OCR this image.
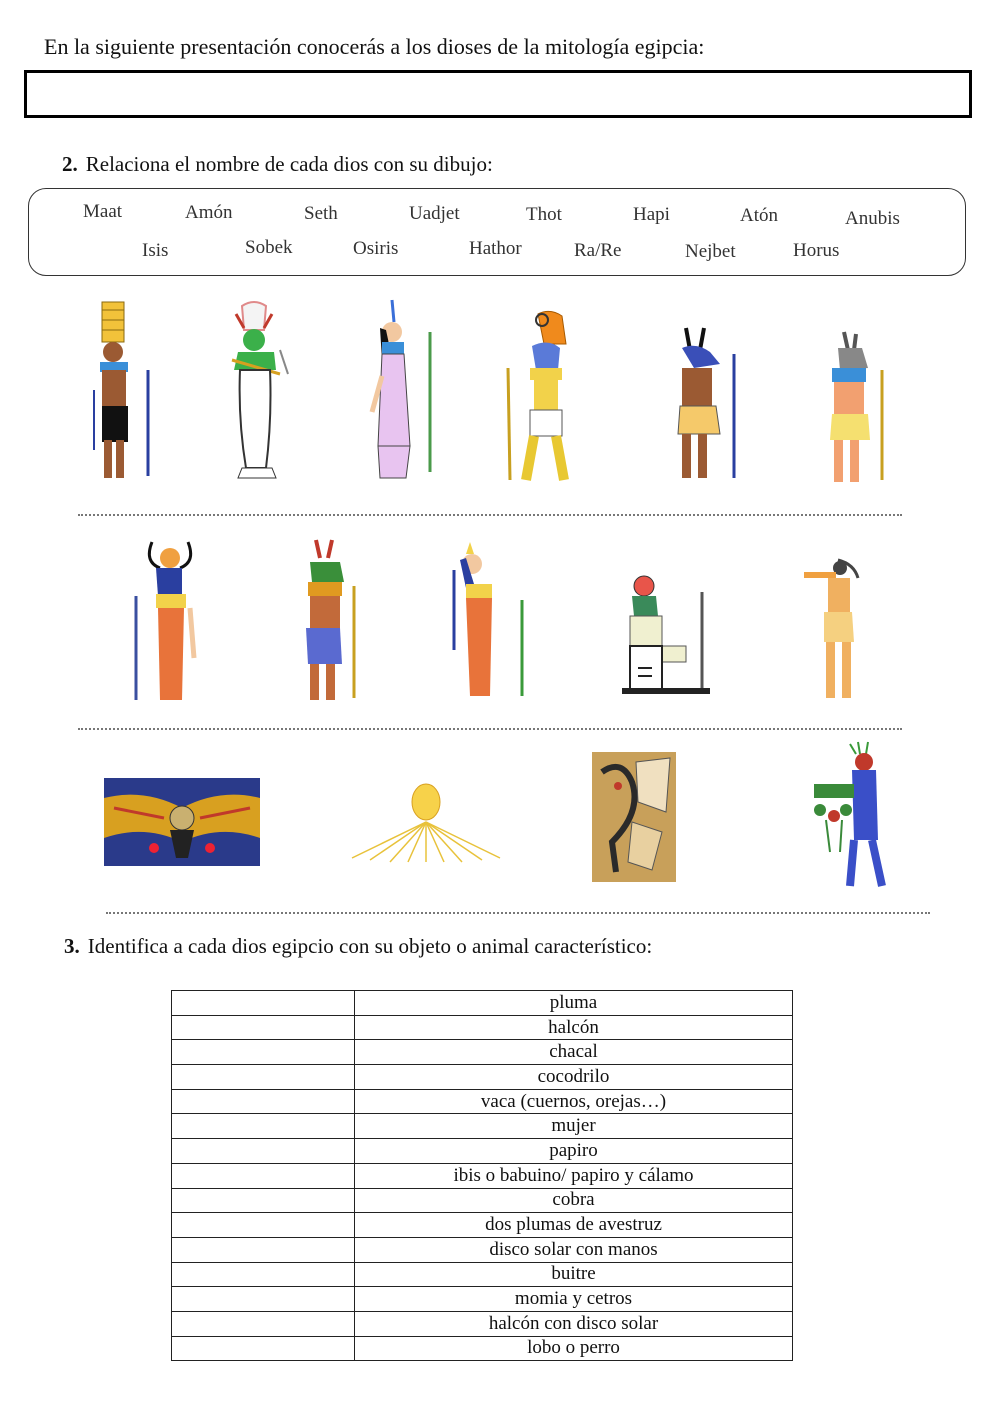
En la siguiente presentación conocerás a los dioses de la mitología egipcia:
2. Relaciona el nombre de cada dios con su dibujo:
Maat	Amón	Seth	Uadjet	Thot	Hapi	Atón	Anubis
Isis	Sobek	Osiris	Hathor	Ra/Re	Nejbet	Horus
3. Identifica a cada dios egipcio con su objeto o animal característico:
	pluma
	halcón
	chacal
	cocodrilo
	vaca (cuernos, orejas…)
	mujer
	papiro
	ibis o babuino/ papiro y cálamo
	cobra
	dos plumas de avestruz
	disco solar con manos
	buitre
	momia y cetros
	halcón con disco solar
	lobo o perro
